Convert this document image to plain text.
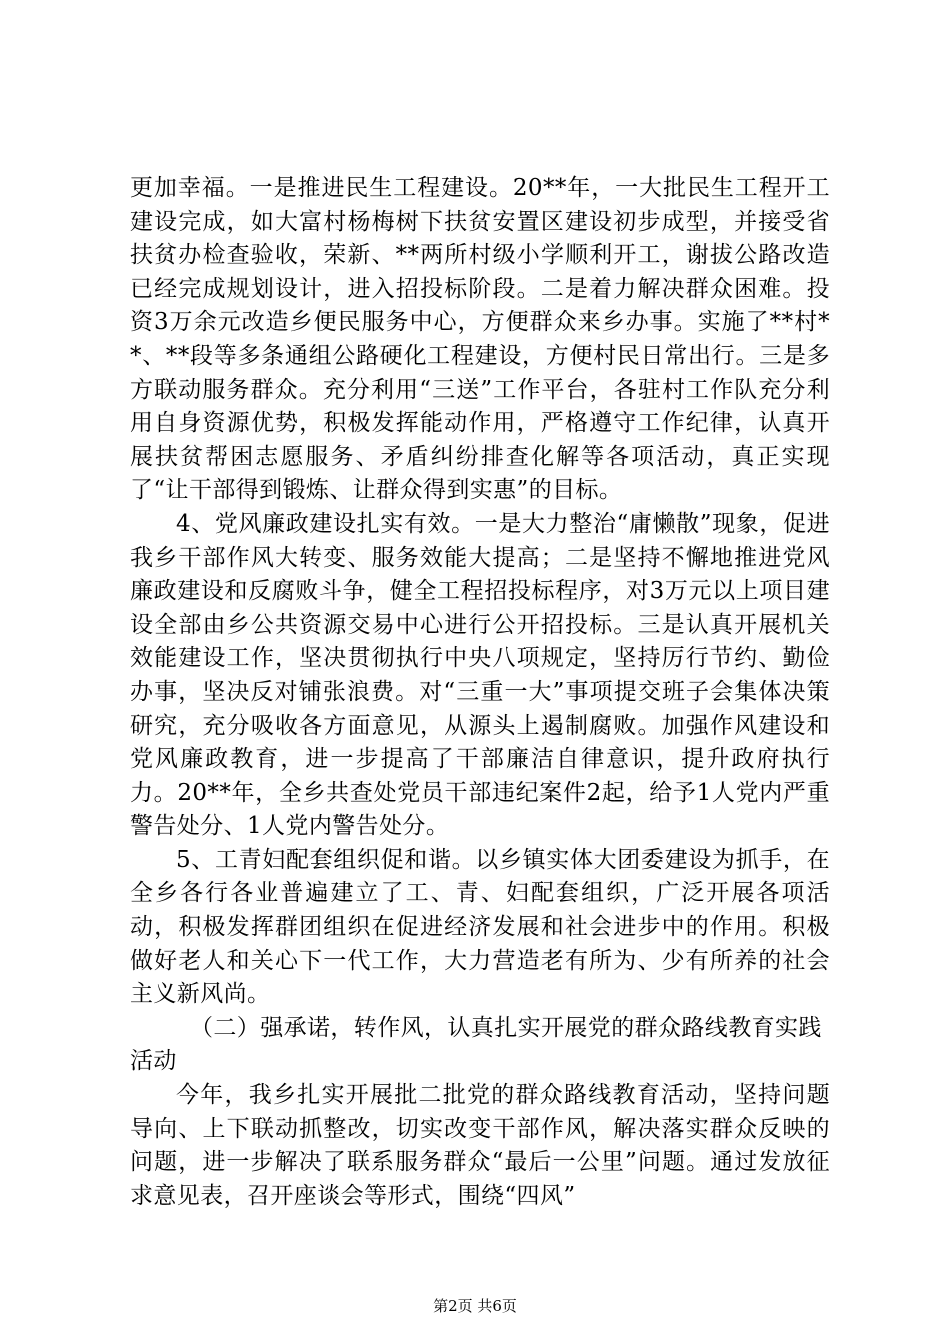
更加幸福。一是推进民生工程建设。20**年，一大批民生工程开工建设完成，如大富村杨梅树下扶贫安置区建设初步成型，并接受省扶贫办检查验收，荣新、**两所村级小学顺利开工，谢拔公路改造已经完成规划设计，进入招投标阶段。二是着力解决群众困难。投资3万余元改造乡便民服务中心，方便群众来乡办事。实施了**村**、**段等多条通组公路硬化工程建设，方便村民日常出行。三是多方联动服务群众。充分利用“三送”工作平台，各驻村工作队充分利用自身资源优势，积极发挥能动作用，严格遵守工作纪律，认真开展扶贫帮困志愿服务、矛盾纠纷排查化解等各项活动，真正实现了“让干部得到锻炼、让群众得到实惠”的目标。

4、党风廉政建设扎实有效。一是大力整治“庸懒散”现象，促进我乡干部作风大转变、服务效能大提高；二是坚持不懈地推进党风廉政建设和反腐败斗争，健全工程招投标程序，对3万元以上项目建设全部由乡公共资源交易中心进行公开招投标。三是认真开展机关效能建设工作，坚决贯彻执行中央八项规定，坚持厉行节约、勤俭办事，坚决反对铺张浪费。对“三重一大”事项提交班子会集体决策研究，充分吸收各方面意见，从源头上遏制腐败。加强作风建设和党风廉政教育，进一步提高了干部廉洁自律意识，提升政府执行力。20**年，全乡共查处党员干部违纪案件2起，给予1人党内严重警告处分、1人党内警告处分。

5、工青妇配套组织促和谐。以乡镇实体大团委建设为抓手，在全乡各行各业普遍建立了工、青、妇配套组织，广泛开展各项活动，积极发挥群团组织在促进经济发展和社会进步中的作用。积极做好老人和关心下一代工作，大力营造老有所为、少有所养的社会主义新风尚。

（二）强承诺，转作风，认真扎实开展党的群众路线教育实践活动

今年，我乡扎实开展批二批党的群众路线教育活动，坚持问题导向、上下联动抓整改，切实改变干部作风，解决落实群众反映的问题，进一步解决了联系服务群众“最后一公里”问题。通过发放征求意见表，召开座谈会等形式，围绕“四风”

第2页 共6页
